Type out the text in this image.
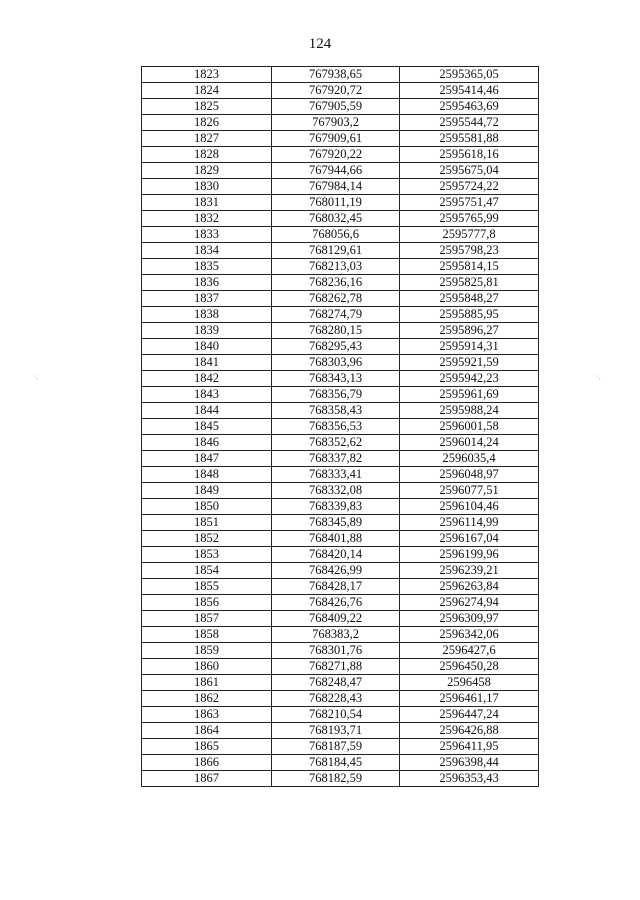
124
1823	767938,65	2595365,05
1824	767920,72	2595414,46
1825	767905,59	2595463,69
1826	767903,2	2595544,72
1827	767909,61	2595581,88
1828	767920,22	2595618,16
1829	767944,66	2595675,04
1830	767984,14	2595724,22
1831	768011,19	2595751,47
1832	768032,45	2595765,99
1833	768056,6	2595777,8
1834	768129,61	2595798,23
1835	768213,03	2595814,15
1836	768236,16	2595825,81
1837	768262,78	2595848,27
1838	768274,79	2595885,95
1839	768280,15	2595896,27
1840	768295,43	2595914,31
1841	768303,96	2595921,59
1842	768343,13	2595942,23
1843	768356,79	2595961,69
1844	768358,43	2595988,24
1845	768356,53	2596001,58
1846	768352,62	2596014,24
1847	768337,82	2596035,4
1848	768333,41	2596048,97
1849	768332,08	2596077,51
1850	768339,83	2596104,46
1851	768345,89	2596114,99
1852	768401,88	2596167,04
1853	768420,14	2596199,96
1854	768426,99	2596239,21
1855	768428,17	2596263,84
1856	768426,76	2596274,94
1857	768409,22	2596309,97
1858	768383,2	2596342,06
1859	768301,76	2596427,6
1860	768271,88	2596450,28
1861	768248,47	2596458
1862	768228,43	2596461,17
1863	768210,54	2596447,24
1864	768193,71	2596426,88
1865	768187,59	2596411,95
1866	768184,45	2596398,44
1867	768182,59	2596353,43
·.	·.
